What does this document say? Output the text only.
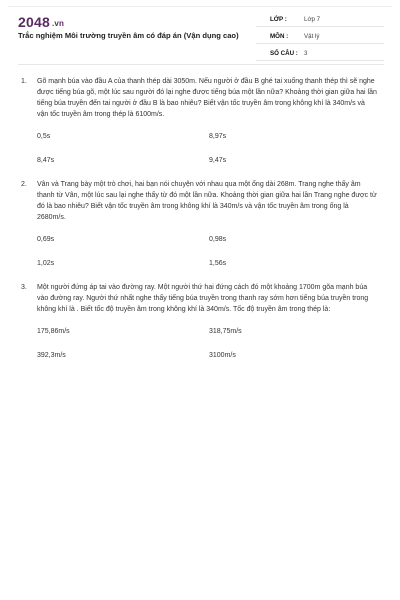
2048 .vn
Trắc nghiệm Môi trường truyền âm có đáp án (Vận dụng cao)
LỚP :	Lớp 7
MÔN :	Vật lý
SỐ CÂU : 3
1. Gõ mạnh búa vào đầu A của thanh thép dài 3050m. Nếu người ở đầu B ghé tai xuống thanh thép thì sẽ nghe được tiếng búa gõ, một lúc sau người đó lại nghe được tiếng búa một lần nữa? Khoảng thời gian giữa hai lần tiếng búa truyền đến tai người ở đầu B là bao nhiêu? Biết vận tốc truyền âm trong không khí là 340m/s và vận tốc truyền âm trong thép là 6100m/s.
0,5s	8,97s
8,47s	9,47s
2. Vân và Trang bày một trò chơi, hai bạn nói chuyện với nhau qua một ống dài 268m. Trang nghe thấy âm thanh từ Vân, một lúc sau lại nghe thấy từ đó một lần nữa. Khoảng thời gian giữa hai lần Trang nghe được từ đó là bao nhiêu? Biết vận tốc truyền âm trong không khí là 340m/s và vận tốc truyền âm trong ống là 2680m/s.
0,69s	0,98s
1,02s	1,56s
3. Một người đứng áp tai vào đường ray. Một người thứ hai đứng cách đó một khoảng 1700m gõa mạnh búa vào đường ray. Người thứ nhất nghe thấy tiếng búa truyền trong thanh ray sớm hơn tiếng búa truyền trong không khí là . Biết tốc độ truyền âm trong không khí là 340m/s. Tốc độ truyền âm trong thép là:
175,86m/s	318,75m/s
392,3m/s	3100m/s
